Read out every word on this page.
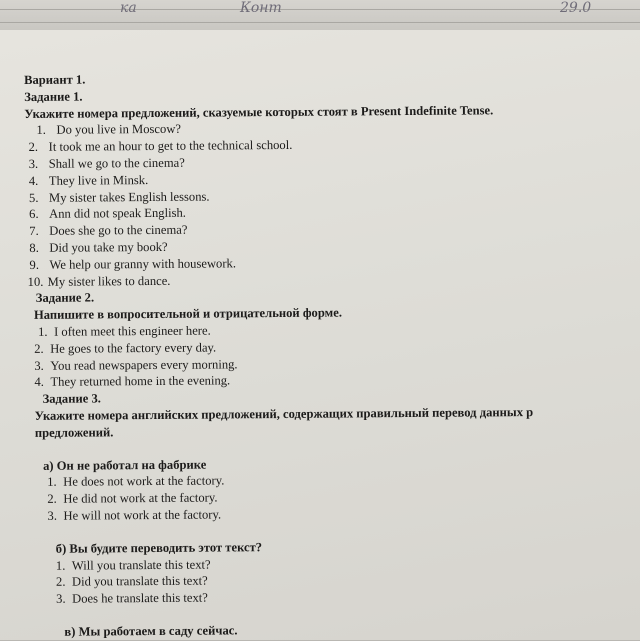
ка	Конт	29.0
Вариант 1.
Задание 1.
Укажите номера предложений, сказуемые которых стоят в Present Indefinite Tense.
1. Do you live in Moscow?
2. It took me an hour to get to the technical school.
3. Shall we go to the cinema?
4. They live in Minsk.
5. My sister takes English lessons.
6. Ann did not speak English.
7. Does she go to the cinema?
8. Did you take my book?
9. We help our granny with housework.
10. My sister likes to dance.
Задание 2.
Напишите в вопросительной и отрицательной форме.
1. I often meet this engineer here.
2. He goes to the factory every day.
3. You read newspapers every morning.
4. They returned home in the evening.
Задание 3.
Укажите номера английских предложений, содержащих правильный перевод данных р
предложений.
а) Он не работал на фабрике
1. He does not work at the factory.
2. He did not work at the factory.
3. He will not work at the factory.
б) Вы будите переводить этот текст?
1. Will you translate this text?
2. Did you translate this text?
3. Does he translate this text?
в) Мы работаем в саду сейчас.
